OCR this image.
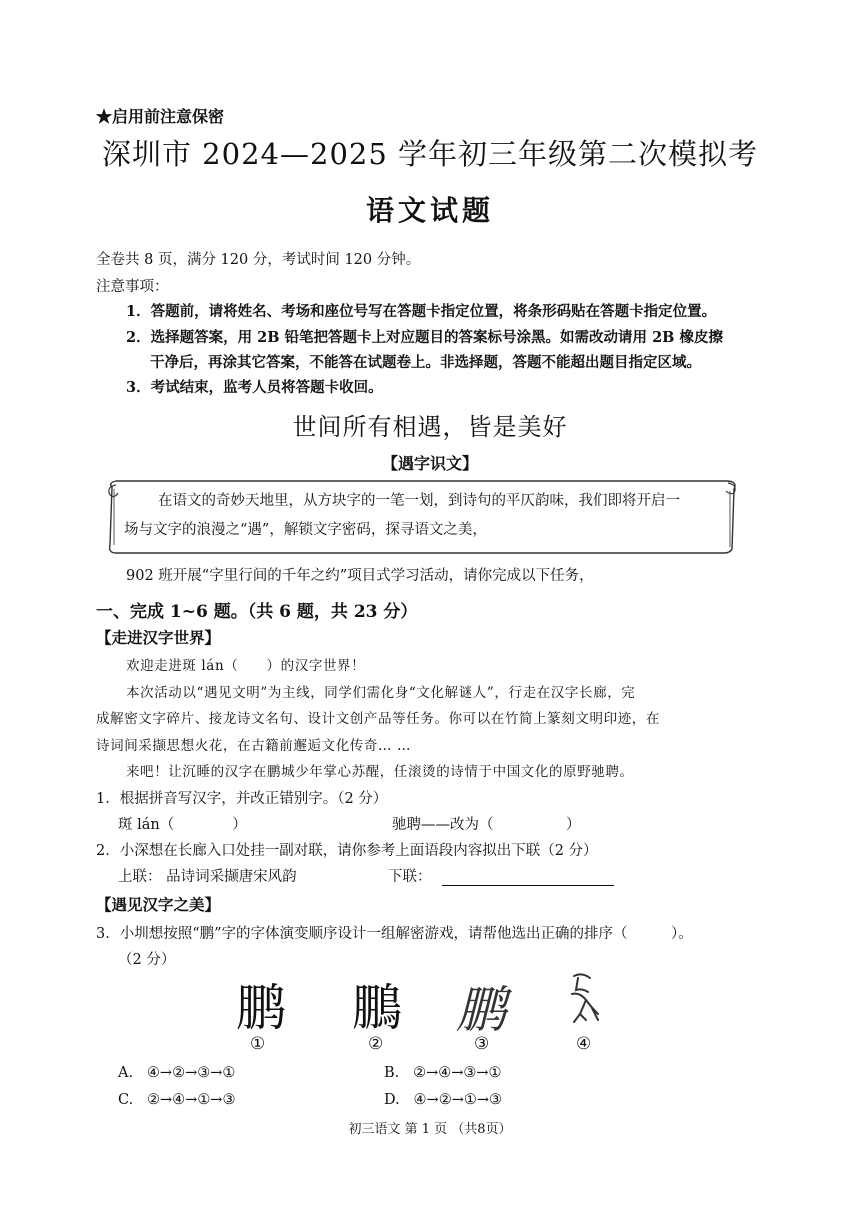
★启用前注意保密
深圳市 2024—2025 学年初三年级第二次模拟考
语文试题
全卷共 8 页，满分 120 分，考试时间 120 分钟。
注意事项：
1．答题前，请将姓名、考场和座位号写在答题卡指定位置，将条形码贴在答题卡指定位置。
2．选择题答案，用 2B 铅笔把答题卡上对应题目的答案标号涂黑。如需改动请用 2B 橡皮擦
干净后，再涂其它答案，不能答在试题卷上。非选择题，答题不能超出题目指定区域。
3．考试结束，监考人员将答题卡收回。
世间所有相遇，皆是美好
【遇字识文】
在语文的奇妙天地里，从方块字的一笔一划，到诗句的平仄韵味，我们即将开启一
场与文字的浪漫之“遇”，解锁文字密码，探寻语文之美，
902 班开展“字里行间的千年之约”项目式学习活动，请你完成以下任务，
一、完成 1~6 题。（共 6 题，共 23 分）
【走进汉字世界】
欢迎走进斑 lán（　　）的汉字世界！
本次活动以“遇见文明”为主线，同学们需化身“文化解谜人”，行走在汉字长廊，完
成解密文字碎片、接龙诗文名句、设计文创产品等任务。你可以在竹简上篆刻文明印迹，在
诗词间采撷思想火花，在古籍前邂逅文化传奇… …
来吧！让沉睡的汉字在鹏城少年掌心苏醒，任滚烫的诗情于中国文化的原野驰聘。
1．根据拼音写汉字，并改正错别字。（2 分）
斑 lán（　　　　）	驰聘——改为（　　　　　）
2．小深想在长廊入口处挂一副对联，请你参考上面语段内容拟出下联（2 分）
上联： 品诗词采撷唐宋风韵	下联：
【遇见汉字之美】
3．小圳想按照“鹏”字的字体演变顺序设计一组解密游戏，请帮他选出正确的排序（　　　）。
（2 分）
鹏 鵬 鹏
①	②	③	④
A. ④→②→③→①	B. ②→④→③→①
C. ②→④→①→③	D. ④→②→①→③
初三语文 第 1 页 （共8页）
